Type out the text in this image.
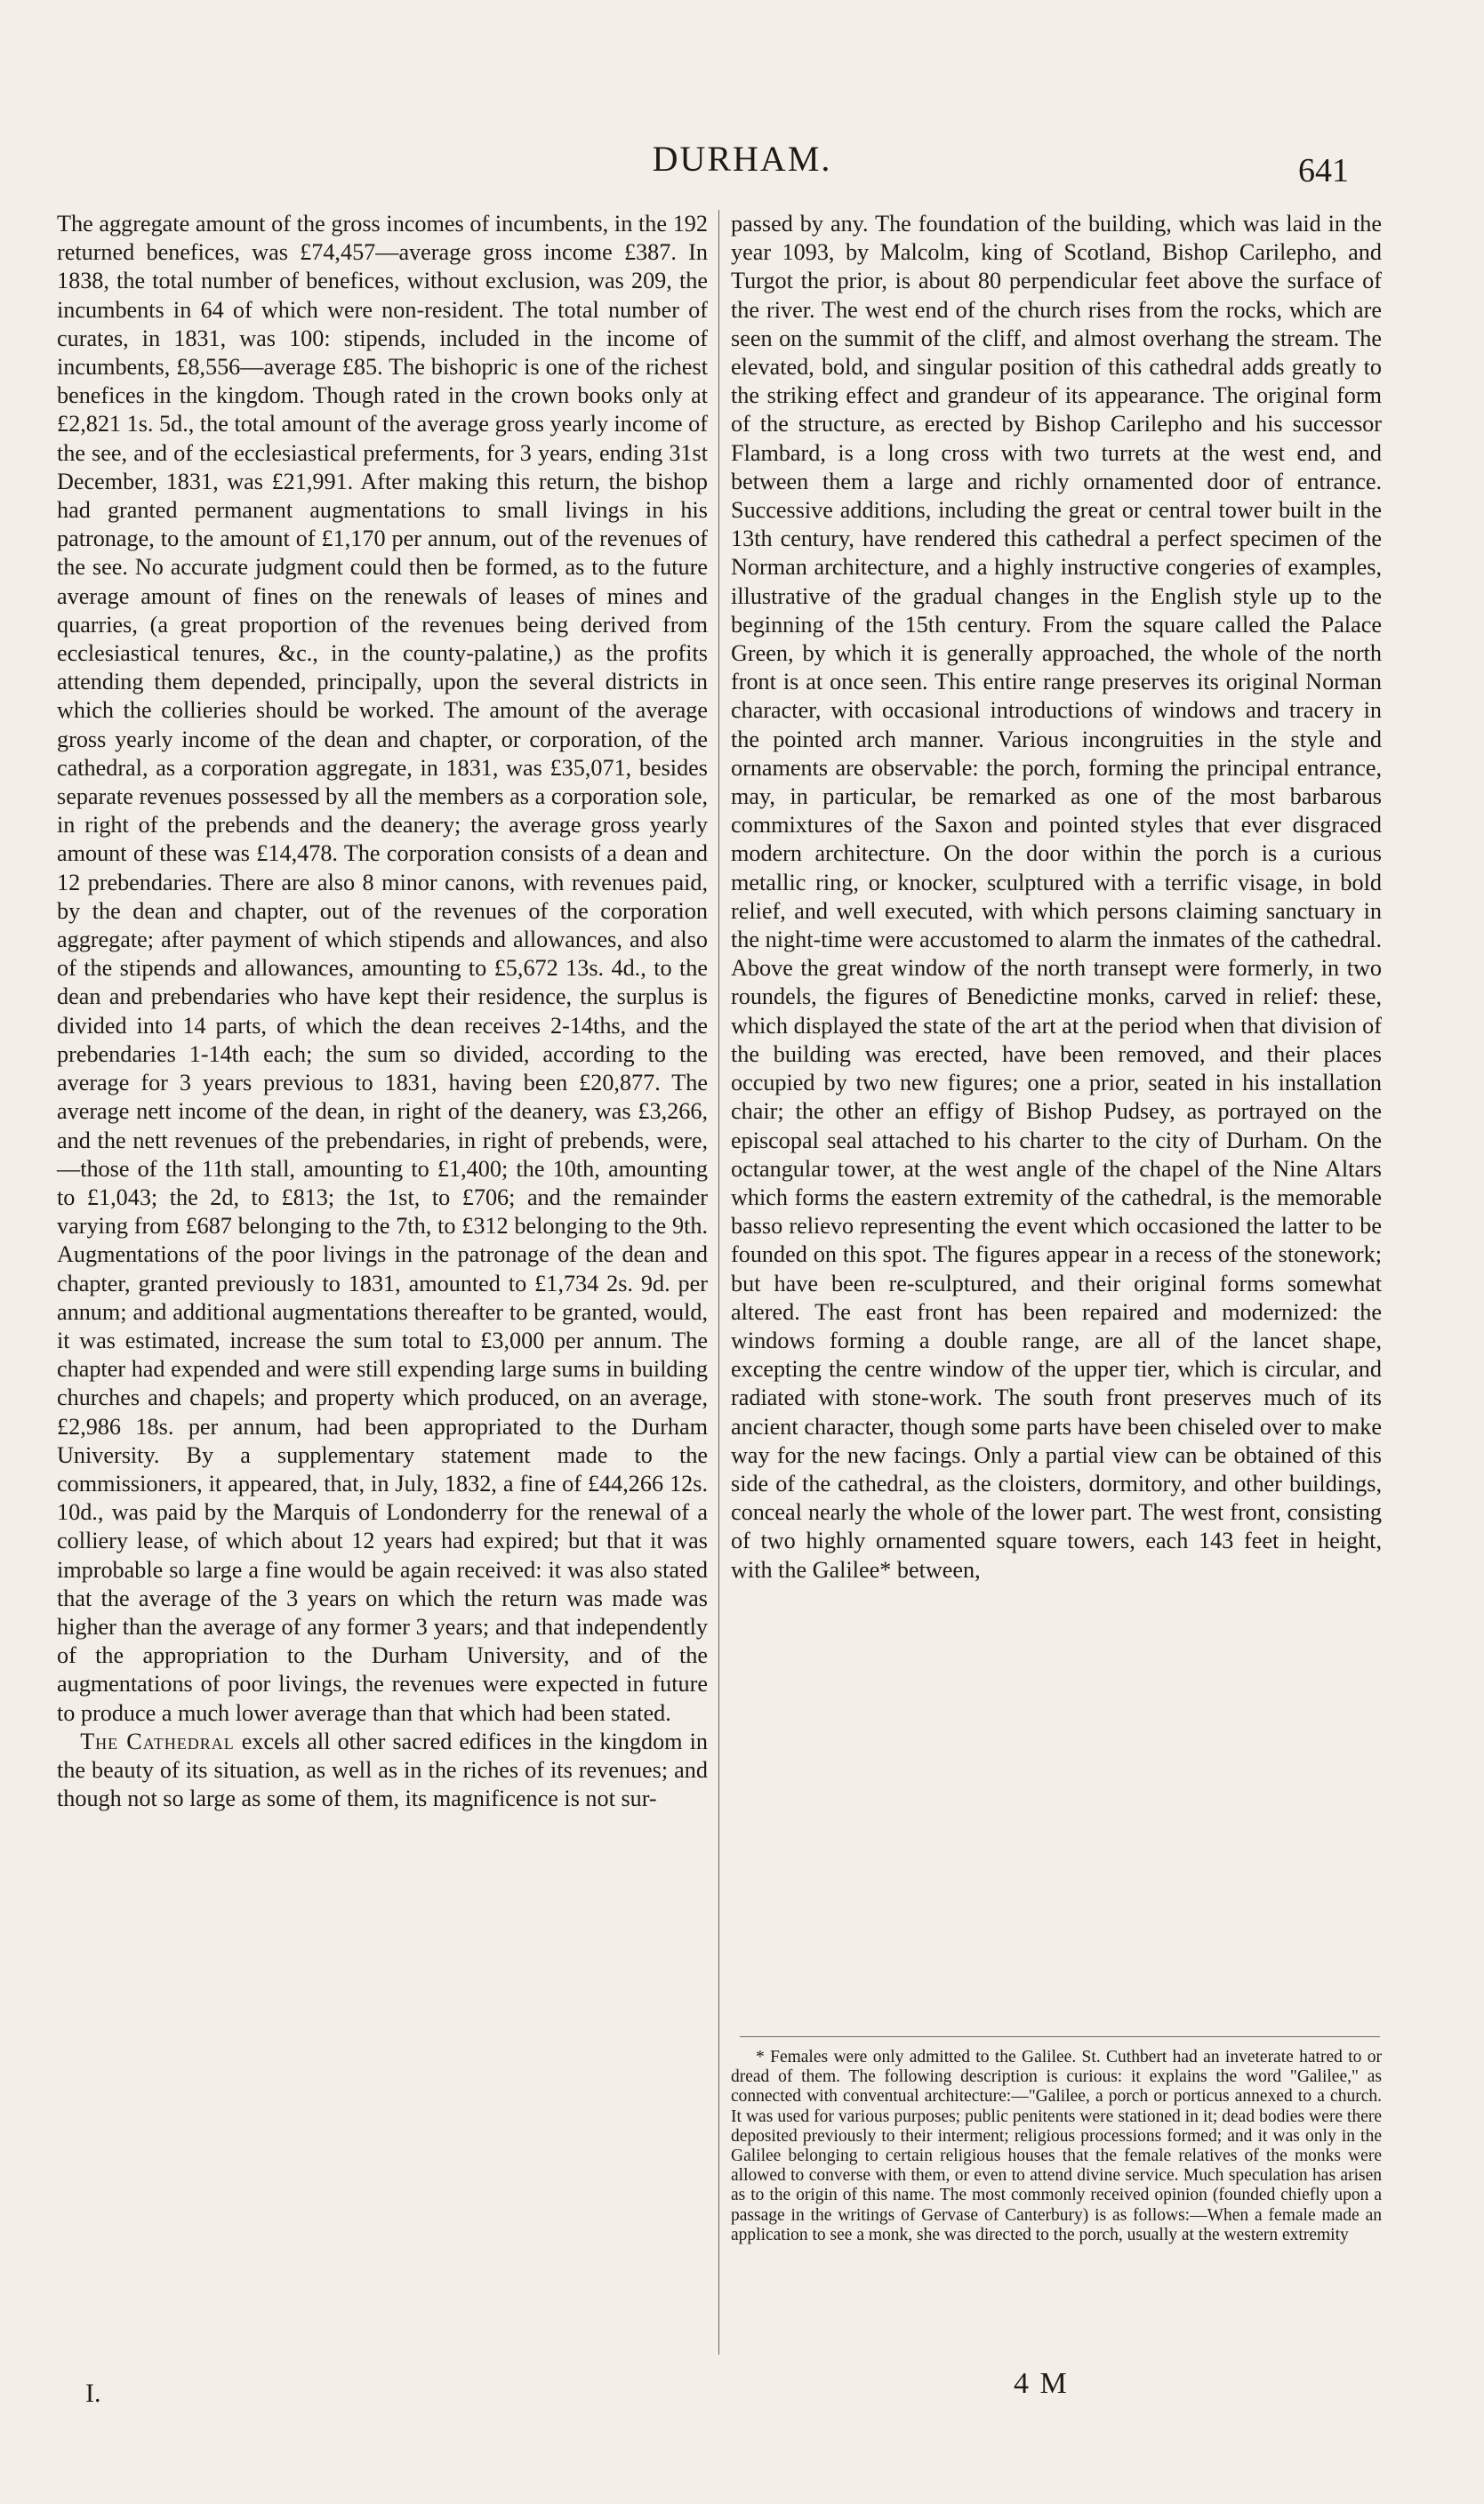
DURHAM.	641

The aggregate amount of the gross incomes of incumbents, in the 192 returned benefices, was £74,457—average gross income £387. In 1838, the total number of benefices, without exclusion, was 209, the incumbents in 64 of which were non-resident. The total number of curates, in 1831, was 100: stipends, included in the income of incumbents, £8,556—average £85. The bishopric is one of the richest benefices in the kingdom. Though rated in the crown books only at £2,821 1s. 5d., the total amount of the average gross yearly income of the see, and of the ecclesiastical preferments, for 3 years, ending 31st December, 1831, was £21,991. After making this return, the bishop had granted permanent augmentations to small livings in his patronage, to the amount of £1,170 per annum, out of the revenues of the see. No accurate judgment could then be formed, as to the future average amount of fines on the renewals of leases of mines and quarries, (a great proportion of the revenues being derived from ecclesiastical tenures, &c., in the county-palatine,) as the profits attending them depended, principally, upon the several districts in which the collieries should be worked. The amount of the average gross yearly income of the dean and chapter, or corporation, of the cathedral, as a corporation aggregate, in 1831, was £35,071, besides separate revenues possessed by all the members as a corporation sole, in right of the prebends and the deanery; the average gross yearly amount of these was £14,478. The corporation consists of a dean and 12 prebendaries. There are also 8 minor canons, with revenues paid, by the dean and chapter, out of the revenues of the corporation aggregate; after payment of which stipends and allowances, and also of the stipends and allowances, amounting to £5,672 13s. 4d., to the dean and prebendaries who have kept their residence, the surplus is divided into 14 parts, of which the dean receives 2-14ths, and the prebendaries 1-14th each; the sum so divided, according to the average for 3 years previous to 1831, having been £20,877. The average nett income of the dean, in right of the deanery, was £3,266, and the nett revenues of the prebendaries, in right of prebends, were,—those of the 11th stall, amounting to £1,400; the 10th, amounting to £1,043; the 2d, to £813; the 1st, to £706; and the remainder varying from £687 belonging to the 7th, to £312 belonging to the 9th. Augmentations of the poor livings in the patronage of the dean and chapter, granted previously to 1831, amounted to £1,734 2s. 9d. per annum; and additional augmentations thereafter to be granted, would, it was estimated, increase the sum total to £3,000 per annum. The chapter had expended and were still expending large sums in building churches and chapels; and property which produced, on an average, £2,986 18s. per annum, had been appropriated to the Durham University. By a supplementary statement made to the commissioners, it appeared, that, in July, 1832, a fine of £44,266 12s. 10d., was paid by the Marquis of Londonderry for the renewal of a colliery lease, of which about 12 years had expired; but that it was improbable so large a fine would be again received: it was also stated that the average of the 3 years on which the return was made was higher than the average of any former 3 years; and that independently of the appropriation to the Durham University, and of the augmentations of poor livings, the revenues were expected in future to produce a much lower average than that which had been stated.

 The Cathedral excels all other sacred edifices in the kingdom in the beauty of its situation, as well as in the riches of its revenues; and though not so large as some of them, its magnificence is not sur-

passed by any. The foundation of the building, which was laid in the year 1093, by Malcolm, king of Scotland, Bishop Carilepho, and Turgot the prior, is about 80 perpendicular feet above the surface of the river. The west end of the church rises from the rocks, which are seen on the summit of the cliff, and almost overhang the stream. The elevated, bold, and singular position of this cathedral adds greatly to the striking effect and grandeur of its appearance. The original form of the structure, as erected by Bishop Carilepho and his successor Flambard, is a long cross with two turrets at the west end, and between them a large and richly ornamented door of entrance. Successive additions, including the great or central tower built in the 13th century, have rendered this cathedral a perfect specimen of the Norman architecture, and a highly instructive congeries of examples, illustrative of the gradual changes in the English style up to the beginning of the 15th century. From the square called the Palace Green, by which it is generally approached, the whole of the north front is at once seen. This entire range preserves its original Norman character, with occasional introductions of windows and tracery in the pointed arch manner. Various incongruities in the style and ornaments are observable: the porch, forming the principal entrance, may, in particular, be remarked as one of the most barbarous commixtures of the Saxon and pointed styles that ever disgraced modern architecture. On the door within the porch is a curious metallic ring, or knocker, sculptured with a terrific visage, in bold relief, and well executed, with which persons claiming sanctuary in the night-time were accustomed to alarm the inmates of the cathedral. Above the great window of the north transept were formerly, in two roundels, the figures of Benedictine monks, carved in relief: these, which displayed the state of the art at the period when that division of the building was erected, have been removed, and their places occupied by two new figures; one a prior, seated in his installation chair; the other an effigy of Bishop Pudsey, as portrayed on the episcopal seal attached to his charter to the city of Durham. On the octangular tower, at the west angle of the chapel of the Nine Altars which forms the eastern extremity of the cathedral, is the memorable basso relievo representing the event which occasioned the latter to be founded on this spot. The figures appear in a recess of the stonework; but have been re-sculptured, and their original forms somewhat altered. The east front has been repaired and modernized: the windows forming a double range, are all of the lancet shape, excepting the centre window of the upper tier, which is circular, and radiated with stone-work. The south front preserves much of its ancient character, though some parts have been chiseled over to make way for the new facings. Only a partial view can be obtained of this side of the cathedral, as the cloisters, dormitory, and other buildings, conceal nearly the whole of the lower part. The west front, consisting of two highly ornamented square towers, each 143 feet in height, with the Galilee* between,

* Females were only admitted to the Galilee. St. Cuthbert had an inveterate hatred to or dread of them. The following description is curious: it explains the word "Galilee," as connected with conventual architecture:—"Galilee, a porch or porticus annexed to a church. It was used for various purposes; public penitents were stationed in it; dead bodies were there deposited previously to their interment; religious processions formed; and it was only in the Galilee belonging to certain religious houses that the female relatives of the monks were allowed to converse with them, or even to attend divine service. Much speculation has arisen as to the origin of this name. The most commonly received opinion (founded chiefly upon a passage in the writings of Gervase of Canterbury) is as follows:—When a female made an application to see a monk, she was directed to the porch, usually at the western extremity

I.	4 M
